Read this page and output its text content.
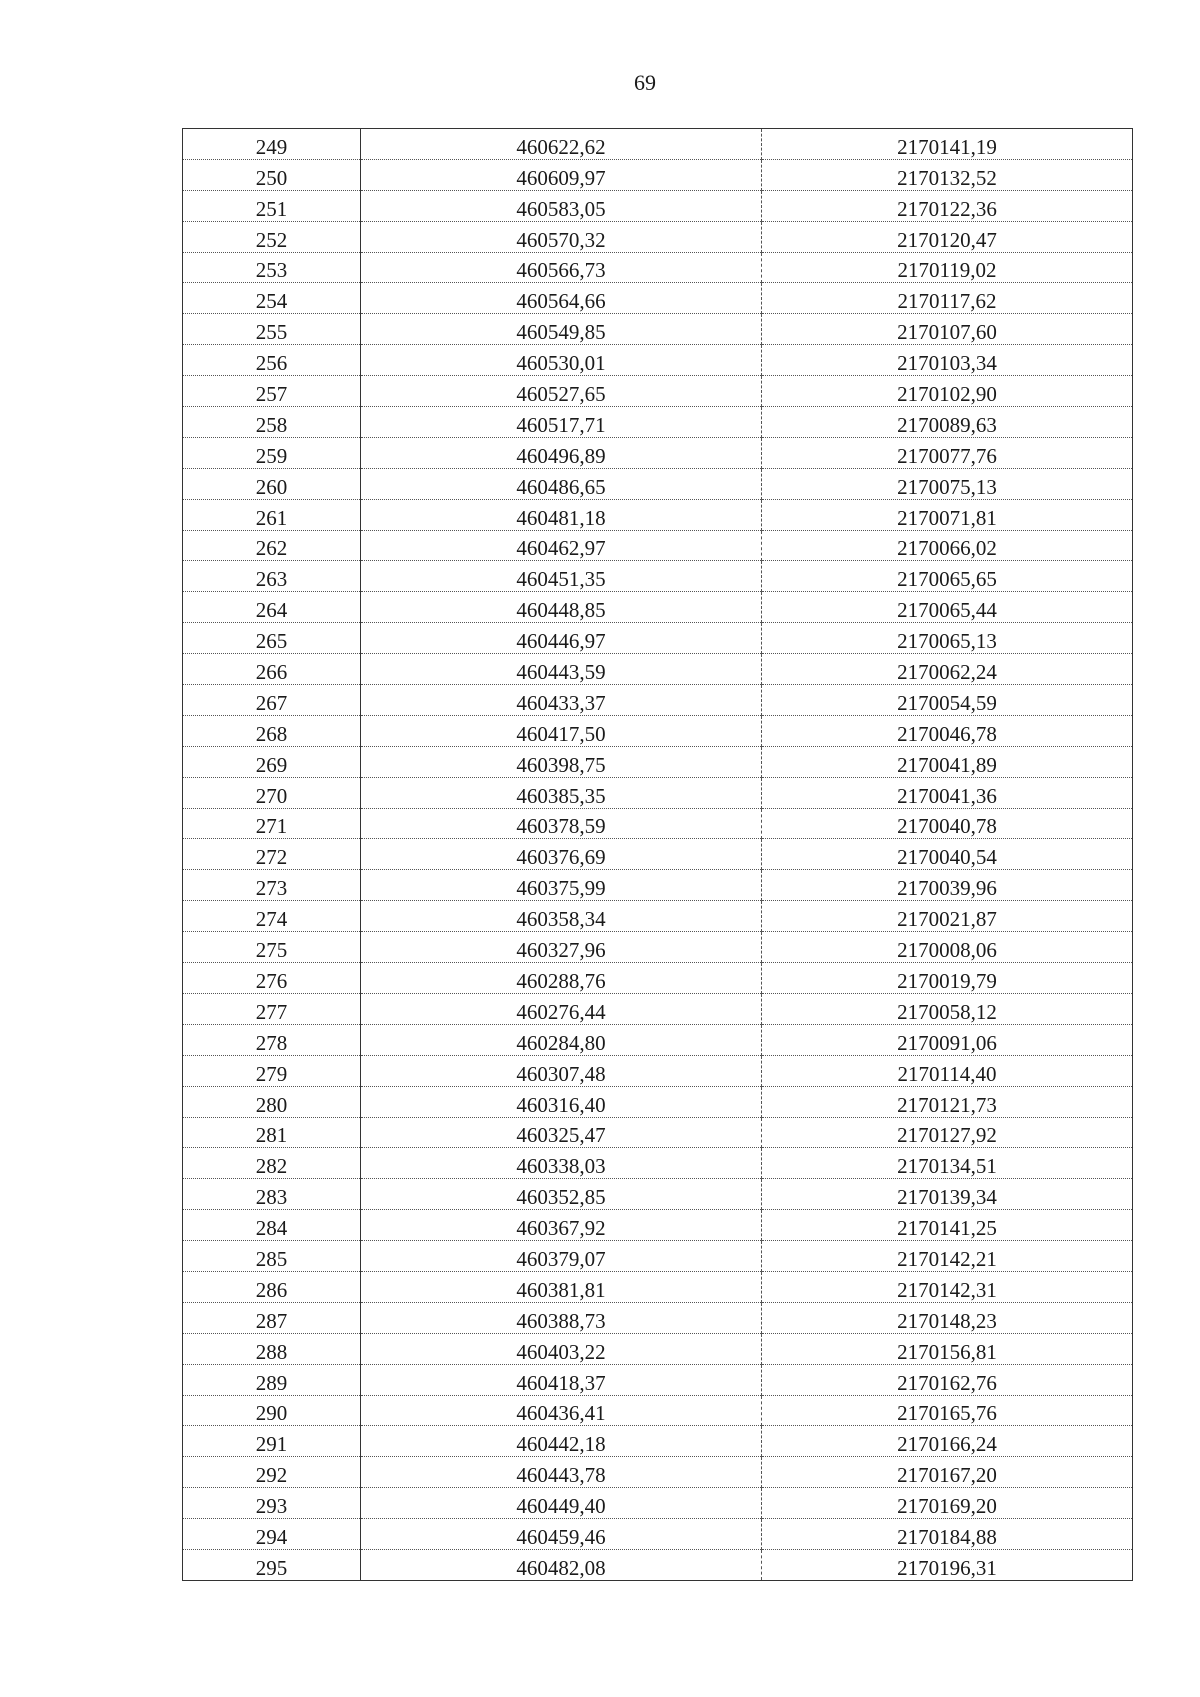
69
249	460622,62	2170141,19
250	460609,97	2170132,52
251	460583,05	2170122,36
252	460570,32	2170120,47
253	460566,73	2170119,02
254	460564,66	2170117,62
255	460549,85	2170107,60
256	460530,01	2170103,34
257	460527,65	2170102,90
258	460517,71	2170089,63
259	460496,89	2170077,76
260	460486,65	2170075,13
261	460481,18	2170071,81
262	460462,97	2170066,02
263	460451,35	2170065,65
264	460448,85	2170065,44
265	460446,97	2170065,13
266	460443,59	2170062,24
267	460433,37	2170054,59
268	460417,50	2170046,78
269	460398,75	2170041,89
270	460385,35	2170041,36
271	460378,59	2170040,78
272	460376,69	2170040,54
273	460375,99	2170039,96
274	460358,34	2170021,87
275	460327,96	2170008,06
276	460288,76	2170019,79
277	460276,44	2170058,12
278	460284,80	2170091,06
279	460307,48	2170114,40
280	460316,40	2170121,73
281	460325,47	2170127,92
282	460338,03	2170134,51
283	460352,85	2170139,34
284	460367,92	2170141,25
285	460379,07	2170142,21
286	460381,81	2170142,31
287	460388,73	2170148,23
288	460403,22	2170156,81
289	460418,37	2170162,76
290	460436,41	2170165,76
291	460442,18	2170166,24
292	460443,78	2170167,20
293	460449,40	2170169,20
294	460459,46	2170184,88
295	460482,08	2170196,31
